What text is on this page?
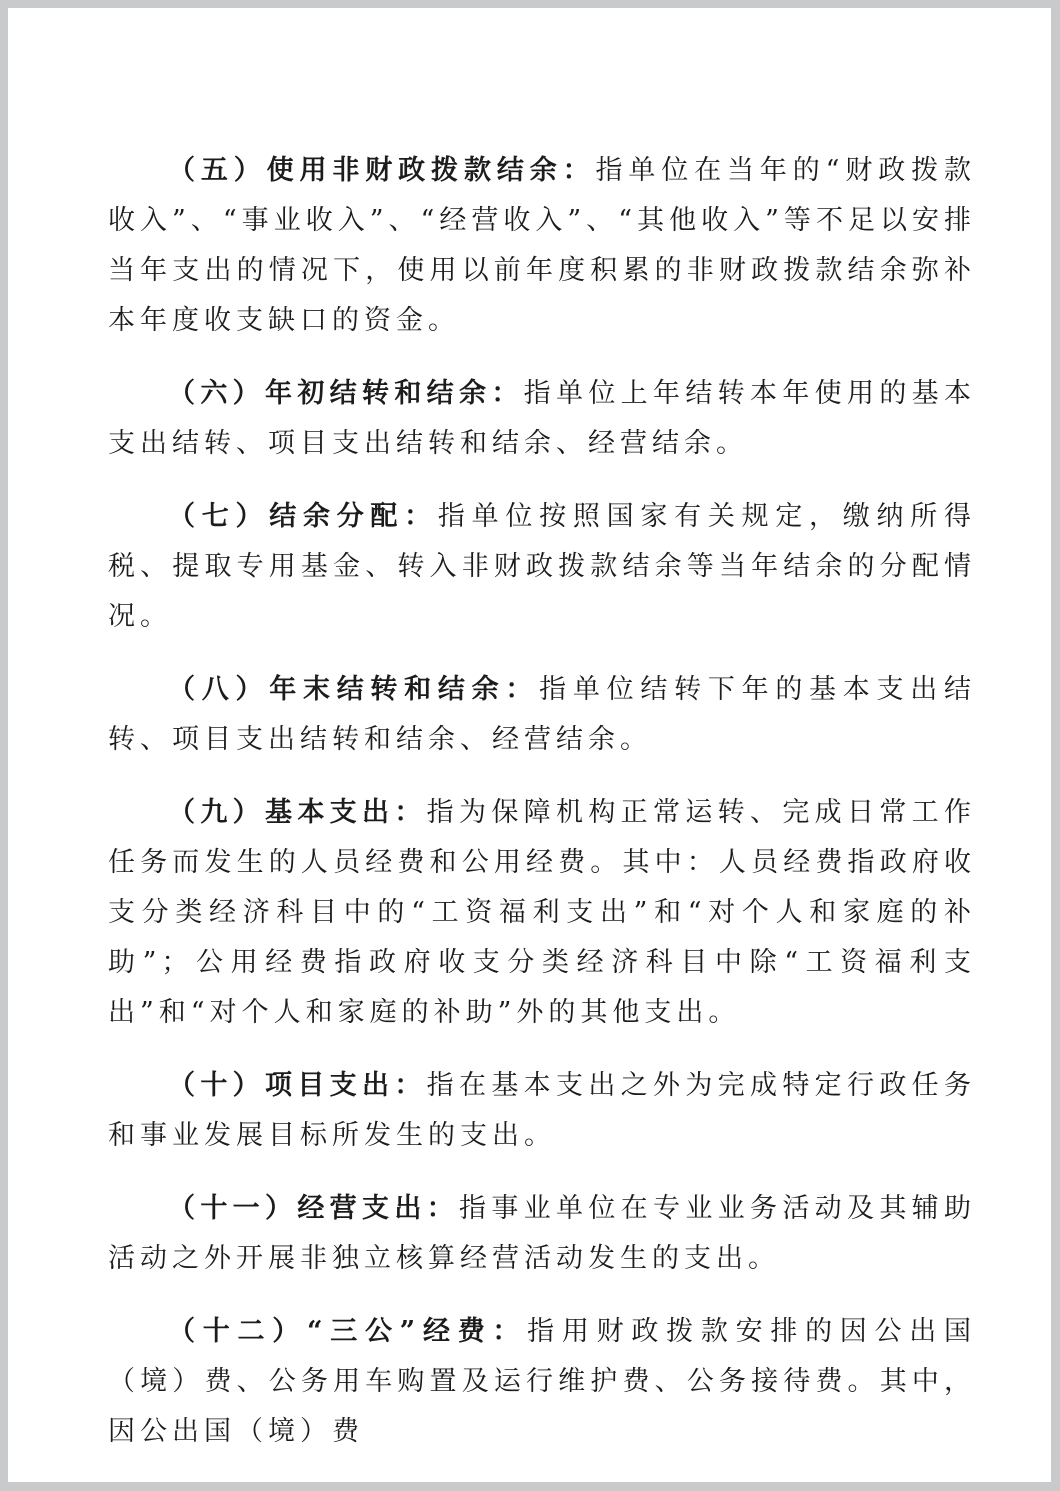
（五）使用非财政拨款结余：指单位在当年的“财政拨款收入”、“事业收入”、“经营收入”、“其他收入”等不足以安排当年支出的情况下，使用以前年度积累的非财政拨款结余弥补本年度收支缺口的资金。

（六）年初结转和结余：指单位上年结转本年使用的基本支出结转、项目支出结转和结余、经营结余。

（七）结余分配：指单位按照国家有关规定，缴纳所得税、提取专用基金、转入非财政拨款结余等当年结余的分配情况。

（八）年末结转和结余：指单位结转下年的基本支出结转、项目支出结转和结余、经营结余。

（九）基本支出：指为保障机构正常运转、完成日常工作任务而发生的人员经费和公用经费。其中：人员经费指政府收支分类经济科目中的“工资福利支出”和“对个人和家庭的补助”；公用经费指政府收支分类经济科目中除“工资福利支出”和“对个人和家庭的补助”外的其他支出。

（十）项目支出：指在基本支出之外为完成特定行政任务和事业发展目标所发生的支出。

（十一）经营支出：指事业单位在专业业务活动及其辅助活动之外开展非独立核算经营活动发生的支出。

（十二）“三公”经费：指用财政拨款安排的因公出国（境）费、公务用车购置及运行维护费、公务接待费。其中，因公出国（境）费
